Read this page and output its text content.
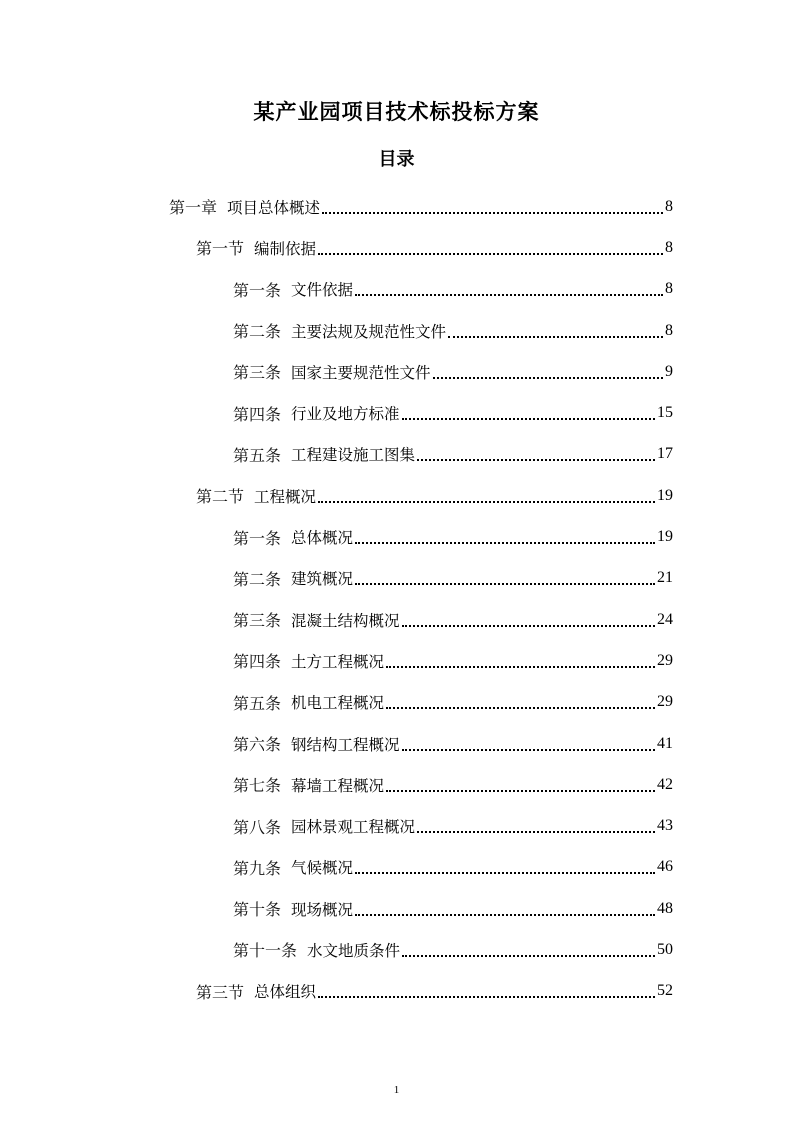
某产业园项目技术标投标方案
目录
第一章 项目总体概述	8
第一节 编制依据	8
第一条 文件依据	8
第二条 主要法规及规范性文件	8
第三条 国家主要规范性文件	9
第四条 行业及地方标准	15
第五条 工程建设施工图集	17
第二节 工程概况	19
第一条 总体概况	19
第二条 建筑概况	21
第三条 混凝土结构概况	24
第四条 土方工程概况	29
第五条 机电工程概况	29
第六条 钢结构工程概况	41
第七条 幕墙工程概况	42
第八条 园林景观工程概况	43
第九条 气候概况	46
第十条 现场概况	48
第十一条 水文地质条件	50
第三节 总体组织	52
1
